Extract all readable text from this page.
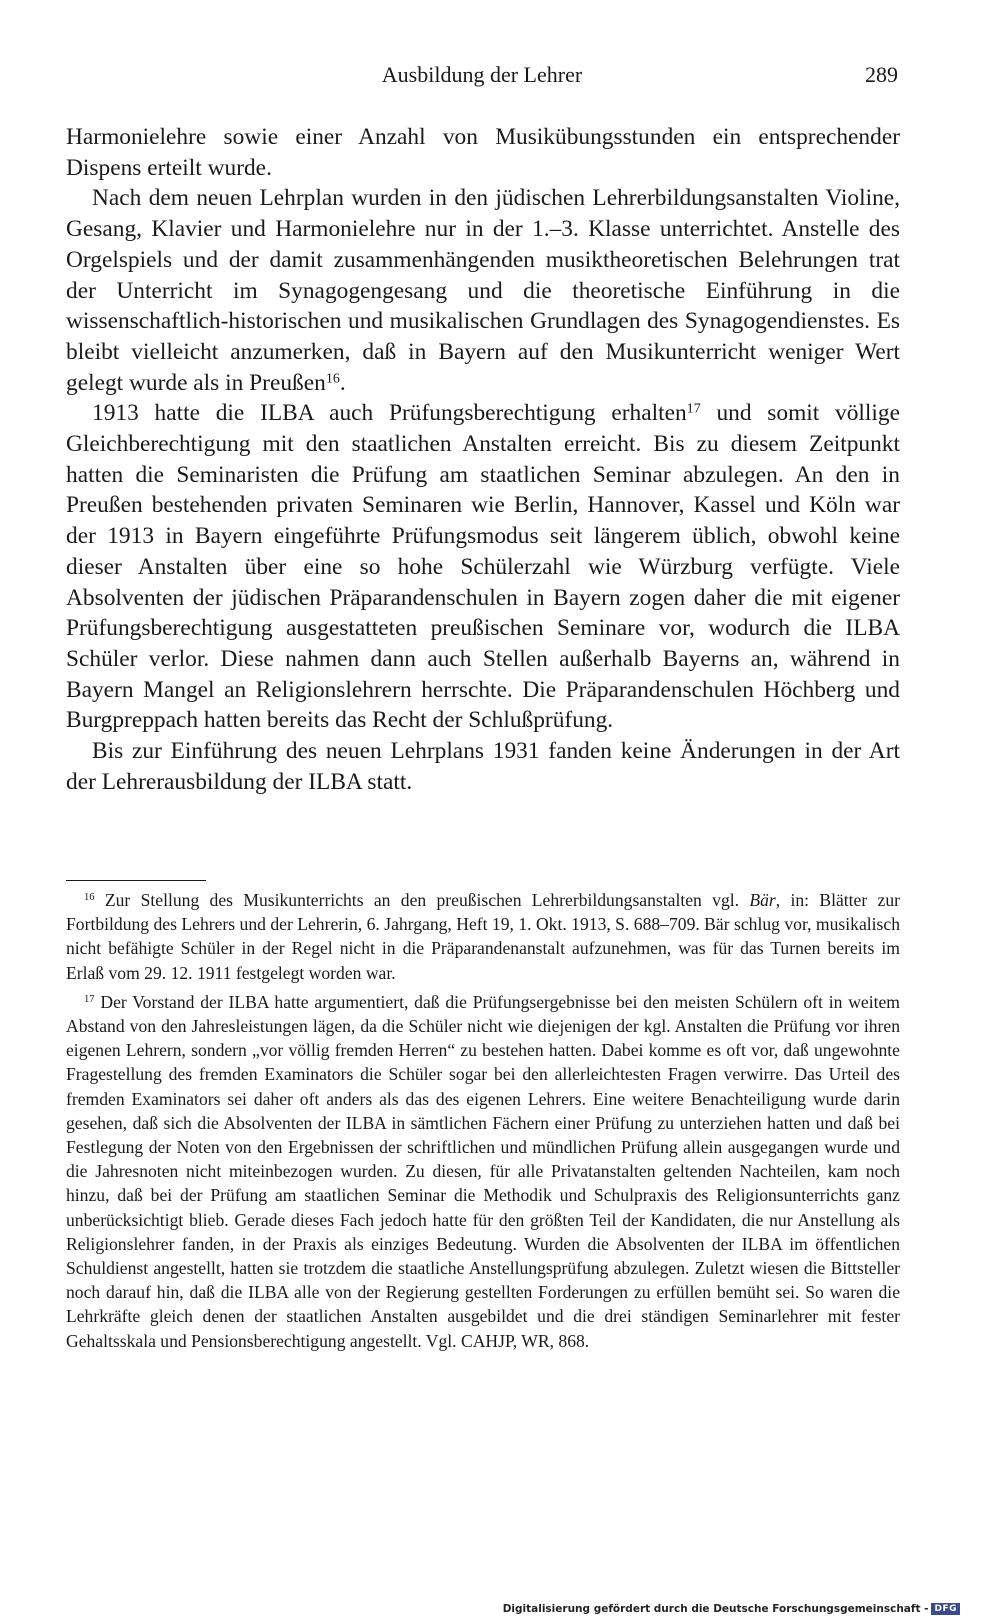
Ausbildung der Lehrer	289

Harmonielehre sowie einer Anzahl von Musikübungsstunden ein entsprechender Dispens erteilt wurde.

Nach dem neuen Lehrplan wurden in den jüdischen Lehrerbildungsanstalten Violine, Gesang, Klavier und Harmonielehre nur in der 1.–3. Klasse unterrichtet. Anstelle des Orgelspiels und der damit zusammenhängenden musiktheoretischen Belehrungen trat der Unterricht im Synagogengesang und die theoretische Einführung in die wissenschaftlich-historischen und musikalischen Grundlagen des Synagogendienstes. Es bleibt vielleicht anzumerken, daß in Bayern auf den Musikunterricht weniger Wert gelegt wurde als in Preußen$^{16}$.

1913 hatte die ILBA auch Prüfungsberechtigung erhalten$^{17}$ und somit völlige Gleichberechtigung mit den staatlichen Anstalten erreicht. Bis zu diesem Zeitpunkt hatten die Seminaristen die Prüfung am staatlichen Seminar abzulegen. An den in Preußen bestehenden privaten Seminaren wie Berlin, Hannover, Kassel und Köln war der 1913 in Bayern eingeführte Prüfungsmodus seit längerem üblich, obwohl keine dieser Anstalten über eine so hohe Schülerzahl wie Würzburg verfügte. Viele Absolventen der jüdischen Präparandenschulen in Bayern zogen daher die mit eigener Prüfungsberechtigung ausgestatteten preußischen Seminare vor, wodurch die ILBA Schüler verlor. Diese nahmen dann auch Stellen außerhalb Bayerns an, während in Bayern Mangel an Religionslehrern herrschte. Die Präparandenschulen Höchberg und Burgpreppach hatten bereits das Recht der Schlußprüfung.

Bis zur Einführung des neuen Lehrplans 1931 fanden keine Änderungen in der Art der Lehrerausbildung der ILBA statt.

$^{16}$ Zur Stellung des Musikunterrichts an den preußischen Lehrerbildungsanstalten vgl. Bär, in: Blätter zur Fortbildung des Lehrers und der Lehrerin, 6. Jahrgang, Heft 19, 1. Okt. 1913, S. 688–709. Bär schlug vor, musikalisch nicht befähigte Schüler in der Regel nicht in die Präparandenanstalt aufzunehmen, was für das Turnen bereits im Erlaß vom 29. 12. 1911 festgelegt worden war.

$^{17}$ Der Vorstand der ILBA hatte argumentiert, daß die Prüfungsergebnisse bei den meisten Schülern oft in weitem Abstand von den Jahresleistungen lägen, da die Schüler nicht wie diejenigen der kgl. Anstalten die Prüfung vor ihren eigenen Lehrern, sondern „vor völlig fremden Herren“ zu bestehen hatten. Dabei komme es oft vor, daß ungewohnte Fragestellung des fremden Examinators die Schüler sogar bei den allerleichtesten Fragen verwirre. Das Urteil des fremden Examinators sei daher oft anders als das des eigenen Lehrers. Eine weitere Benachteiligung wurde darin gesehen, daß sich die Absolventen der ILBA in sämtlichen Fächern einer Prüfung zu unterziehen hatten und daß bei Festlegung der Noten von den Ergebnissen der schriftlichen und mündlichen Prüfung allein ausgegangen wurde und die Jahresnoten nicht miteinbezogen wurden. Zu diesen, für alle Privatanstalten geltenden Nachteilen, kam noch hinzu, daß bei der Prüfung am staatlichen Seminar die Methodik und Schulpraxis des Religionsunterrichts ganz unberücksichtigt blieb. Gerade dieses Fach jedoch hatte für den größten Teil der Kandidaten, die nur Anstellung als Religionslehrer fanden, in der Praxis als einziges Bedeutung. Wurden die Absolventen der ILBA im öffentlichen Schuldienst angestellt, hatten sie trotzdem die staatliche Anstellungsprüfung abzulegen. Zuletzt wiesen die Bittsteller noch darauf hin, daß die ILBA alle von der Regierung gestellten Forderungen zu erfüllen bemüht sei. So waren die Lehrkräfte gleich denen der staatlichen Anstalten ausgebildet und die drei ständigen Seminarlehrer mit fester Gehaltsskala und Pensionsberechtigung angestellt. Vgl. CAHJP, WR, 868.

Digitalisierung gefördert durch die Deutsche Forschungsgemeinschaft - DFG
